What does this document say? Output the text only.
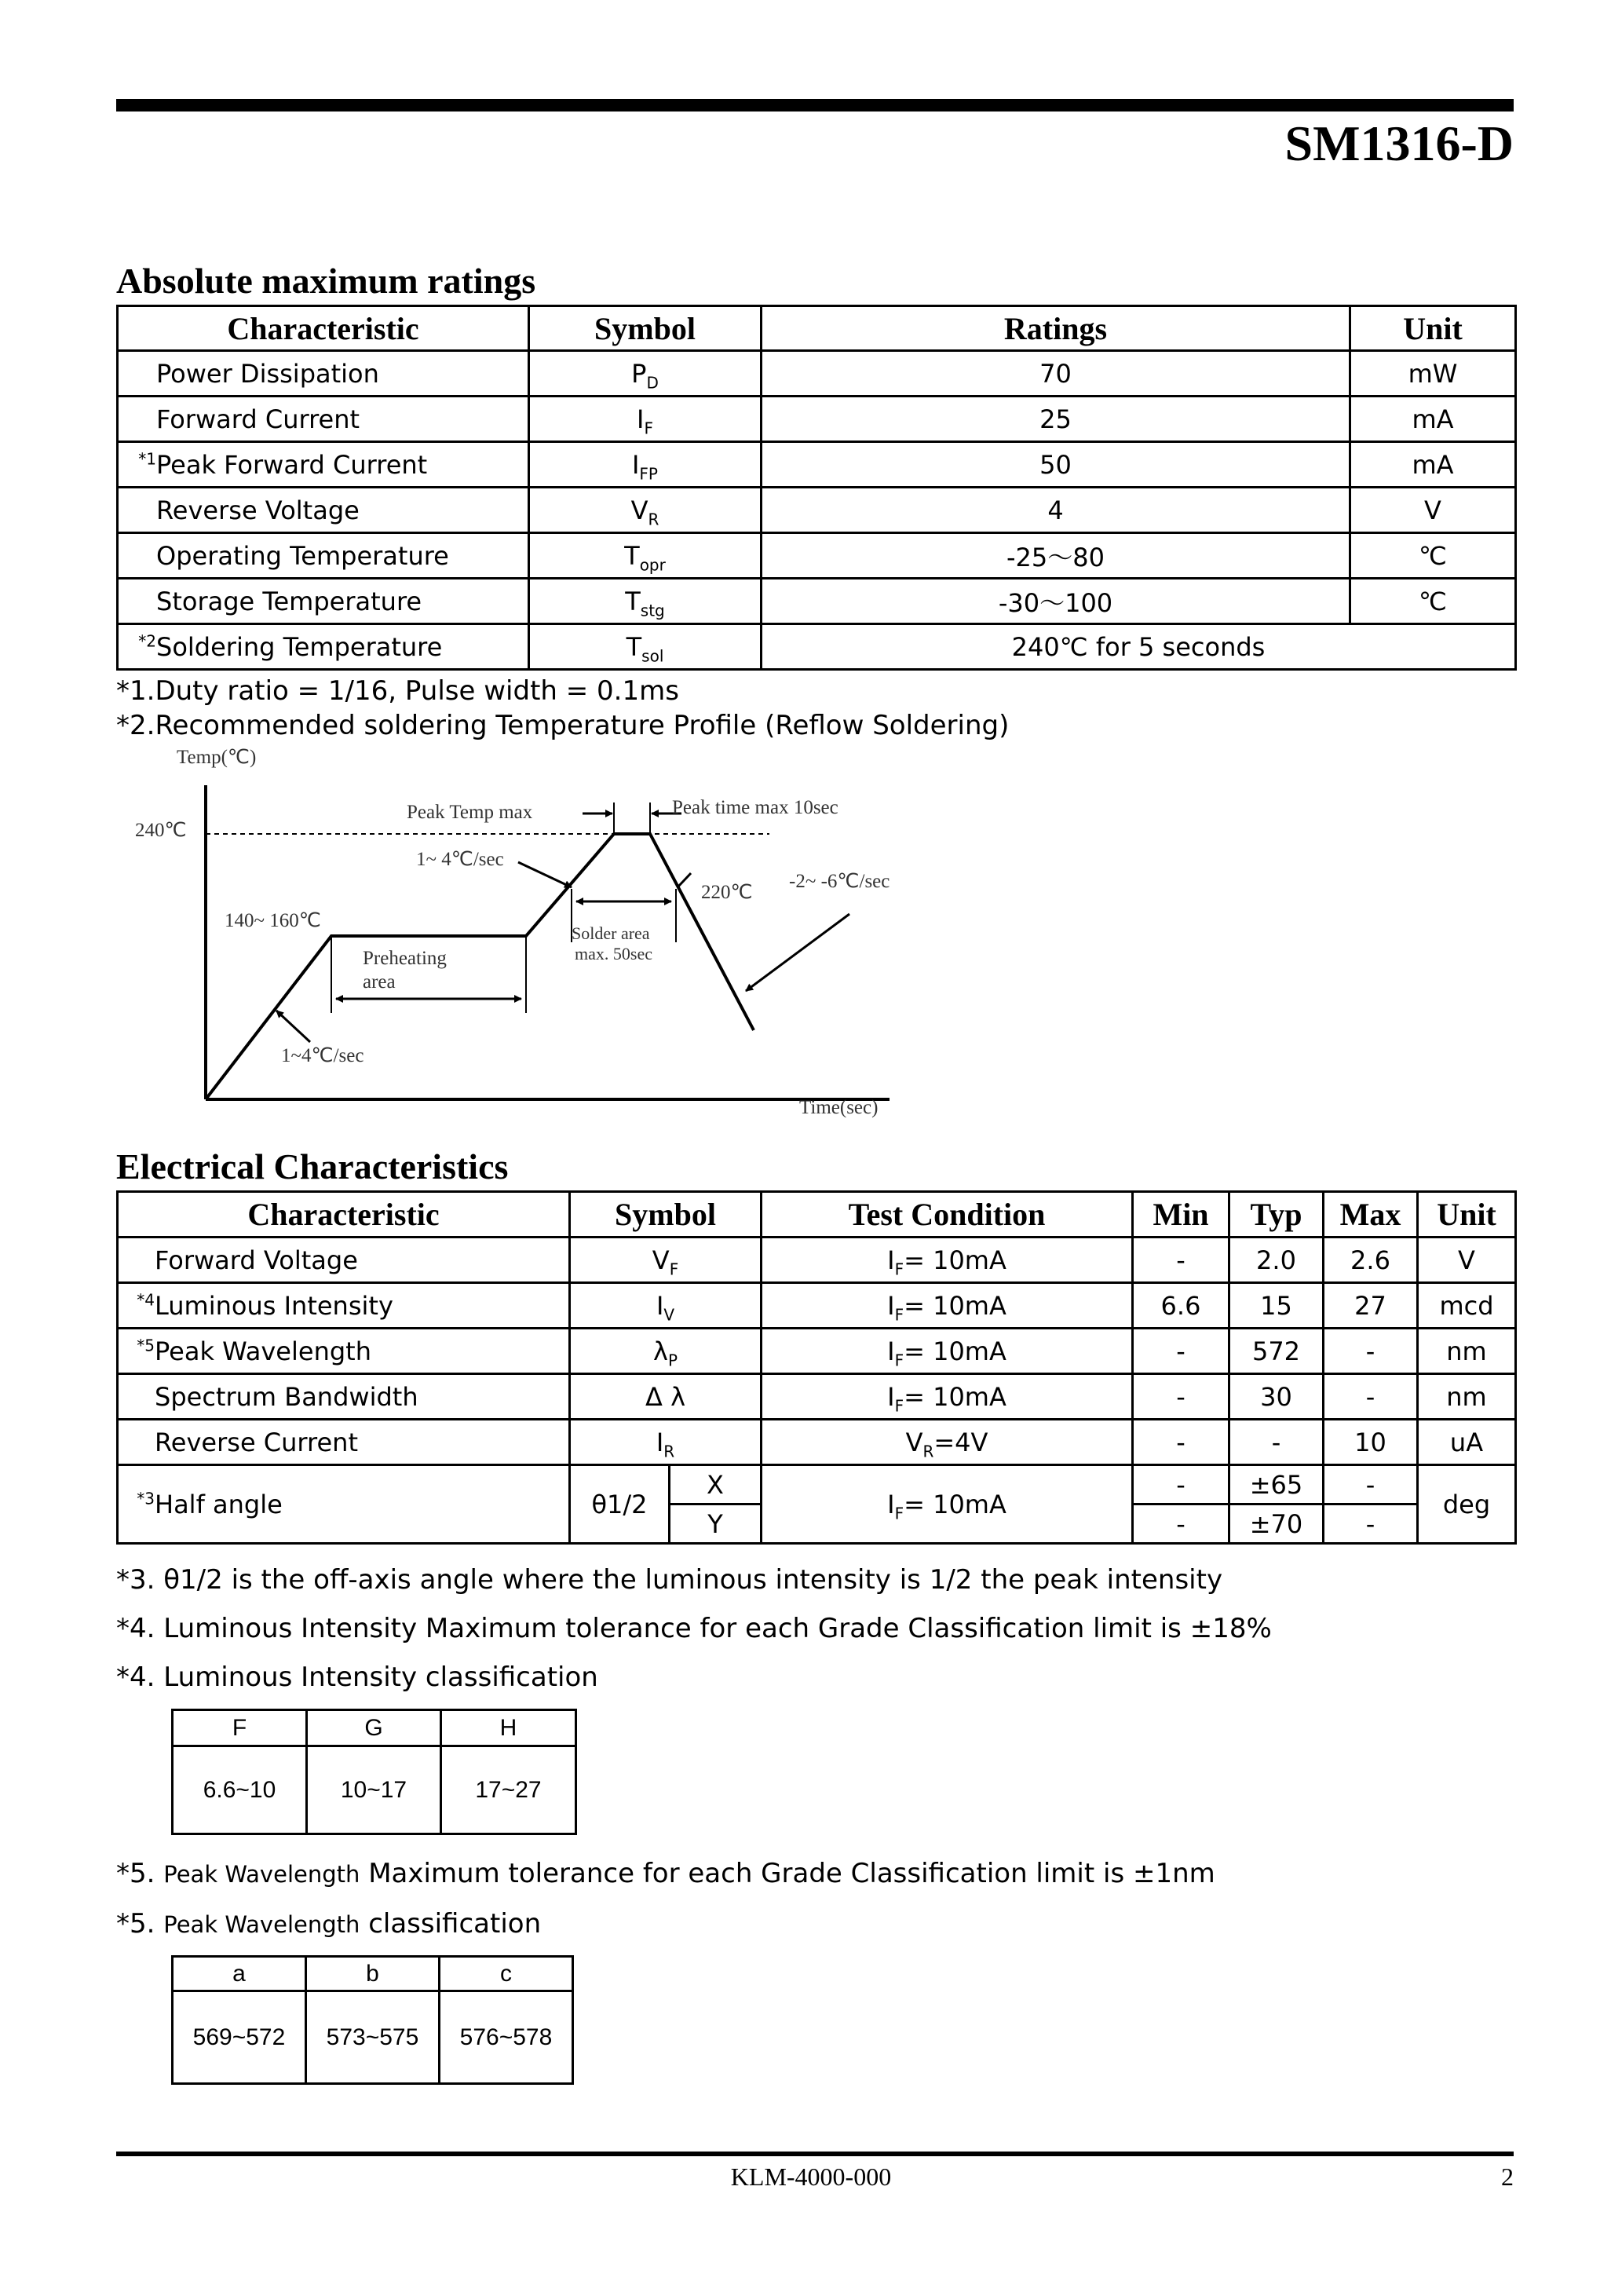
SM1316-D
Absolute maximum ratings
Characteristic	Symbol	Ratings	Unit
Power Dissipation	$P_D$	70	mW
Forward Current	$I_F$	25	mA
$^{*1}$Peak Forward Current	$I_{FP}$	50	mA
Reverse Voltage	$V_R$	4	V
Operating Temperature	$T_{opr}$	-25～80	℃
Storage Temperature	$T_{stg}$	-30～100	℃
$^{*2}$Soldering Temperature	$T_{sol}$	240℃ for 5 seconds	
*1.Duty ratio = 1/16, Pulse width = 0.1ms
*2.Recommended soldering Temperature Profile (Reflow Soldering)
Temp(℃)
Time(sec)
240℃
Peak Temp max	Peak time max 10sec
1~ 4℃/sec
220℃
-2~ -6℃/sec
140~ 160℃
Preheating
area
1~4℃/sec
Solder area
max. 50sec
Electrical Characteristics
Characteristic	Symbol		Test Condition	Min	Typ	Max	Unit
Forward Voltage	$V_F$		$I_F= 10mA$	-	2.0	2.6	V
$^{*4}$Luminous Intensity	$I_V$		$I_F= 10mA$	6.6	15	27	mcd
$^{*5}$Peak Wavelength	$\lambda_P$		$I_F= 10mA$	-	572	-	nm
Spectrum Bandwidth	Δ λ		$I_F= 10mA$	-	30	-	nm
Reverse Current	$I_R$		$V_R=4V$	-	-	10	uA
$^{*3}$Half angle	θ1/2	X	$I_F= 10mA$	-	±65	-	deg
		Y		-	±70	-	
*3. θ1/2 is the off-axis angle where the luminous intensity is 1/2 the peak intensity
*4. Luminous Intensity Maximum tolerance for each Grade Classification limit is ±18%
*4. Luminous Intensity classification
F	G	H
6.6~10	10~17	17~27
*5. Peak Wavelength Maximum tolerance for each Grade Classification limit is ±1nm
*5. Peak Wavelength classification
a	b	c
569~572	573~575	576~578
KLM-4000-000	2
